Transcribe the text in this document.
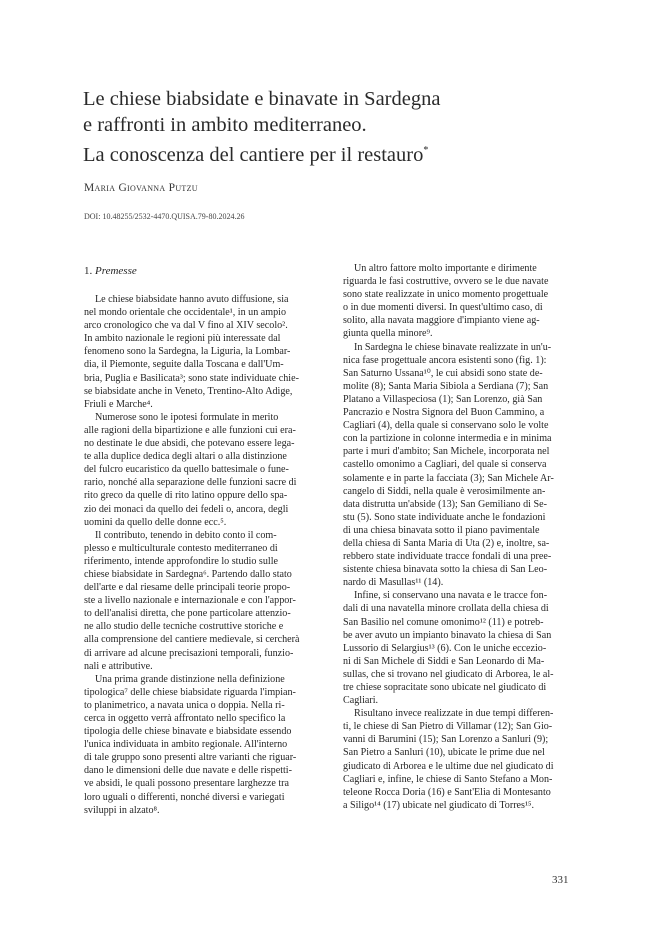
Le chiese biabsidate e binavate in Sardegna
e raffronti in ambito mediterraneo.
La conoscenza del cantiere per il restauro*
Maria Giovanna Putzu
DOI: 10.48255/2532-4470.QUISA.79-80.2024.26
1. Premesse
Le chiese biabsidate hanno avuto diffusione, sia
nel mondo orientale che occidentale¹, in un ampio
arco cronologico che va dal V fino al XIV secolo².
In ambito nazionale le regioni più interessate dal
fenomeno sono la Sardegna, la Liguria, la Lombar-
dia, il Piemonte, seguite dalla Toscana e dall'Um-
bria, Puglia e Basilicata³; sono state individuate chie-
se biabsidate anche in Veneto, Trentino-Alto Adige,
Friuli e Marche⁴.
Numerose sono le ipotesi formulate in merito
alle ragioni della bipartizione e alle funzioni cui era-
no destinate le due absidi, che potevano essere lega-
te alla duplice dedica degli altari o alla distinzione
del fulcro eucaristico da quello battesimale o fune-
rario, nonché alla separazione delle funzioni sacre di
rito greco da quelle di rito latino oppure dello spa-
zio dei monaci da quello dei fedeli o, ancora, degli
uomini da quello delle donne ecc.⁵.
Il contributo, tenendo in debito conto il com-
plesso e multiculturale contesto mediterraneo di
riferimento, intende approfondire lo studio sulle
chiese biabsidate in Sardegna⁶. Partendo dallo stato
dell'arte e dal riesame delle principali teorie propo-
ste a livello nazionale e internazionale e con l'appor-
to dell'analisi diretta, che pone particolare attenzio-
ne allo studio delle tecniche costruttive storiche e
alla comprensione del cantiere medievale, si cercherà
di arrivare ad alcune precisazioni temporali, funzio-
nali e attributive.
Una prima grande distinzione nella definizione
tipologica⁷ delle chiese biabsidate riguarda l'impian-
to planimetrico, a navata unica o doppia. Nella ri-
cerca in oggetto verrà affrontato nello specifico la
tipologia delle chiese binavate e biabsidate essendo
l'unica individuata in ambito regionale. All'interno
di tale gruppo sono presenti altre varianti che riguar-
dano le dimensioni delle due navate e delle rispetti-
ve absidi, le quali possono presentare larghezze tra
loro uguali o differenti, nonché diversi e variegati
sviluppi in alzato⁸.
Un altro fattore molto importante e dirimente
riguarda le fasi costruttive, ovvero se le due navate
sono state realizzate in unico momento progettuale
o in due momenti diversi. In quest'ultimo caso, di
solito, alla navata maggiore d'impianto viene ag-
giunta quella minore⁹.
In Sardegna le chiese binavate realizzate in un'u-
nica fase progettuale ancora esistenti sono (fig. 1):
San Saturno Ussana¹⁰, le cui absidi sono state de-
molite (8); Santa Maria Sibiola a Serdiana (7); San
Platano a Villaspeciosa (1); San Lorenzo, già San
Pancrazio e Nostra Signora del Buon Cammino, a
Cagliari (4), della quale si conservano solo le volte
con la partizione in colonne intermedia e in minima
parte i muri d'ambito; San Michele, incorporata nel
castello omonimo a Cagliari, del quale si conserva
solamente e in parte la facciata (3); San Michele Ar-
cangelo di Siddi, nella quale è verosimilmente an-
data distrutta un'abside (13); San Gemiliano di Se-
stu (5). Sono state individuate anche le fondazioni
di una chiesa binavata sotto il piano pavimentale
della chiesa di Santa Maria di Uta (2) e, inoltre, sa-
rebbero state individuate tracce fondali di una pree-
sistente chiesa binavata sotto la chiesa di San Leo-
nardo di Masullas¹¹ (14).
Infine, si conservano una navata e le tracce fon-
dali di una navatella minore crollata della chiesa di
San Basilio nel comune omonimo¹² (11) e potreb-
be aver avuto un impianto binavato la chiesa di San
Lussorio di Selargius¹³ (6). Con le uniche eccezio-
ni di San Michele di Siddi e San Leonardo di Ma-
sullas, che si trovano nel giudicato di Arborea, le al-
tre chiese sopracitate sono ubicate nel giudicato di
Cagliari.
Risultano invece realizzate in due tempi differen-
ti, le chiese di San Pietro di Villamar (12); San Gio-
vanni di Barumini (15); San Lorenzo a Sanluri (9);
San Pietro a Sanluri (10), ubicate le prime due nel
giudicato di Arborea e le ultime due nel giudicato di
Cagliari e, infine, le chiese di Santo Stefano a Mon-
teleone Rocca Doria (16) e Sant'Elia di Montesanto
a Siligo¹⁴ (17) ubicate nel giudicato di Torres¹⁵.
331
